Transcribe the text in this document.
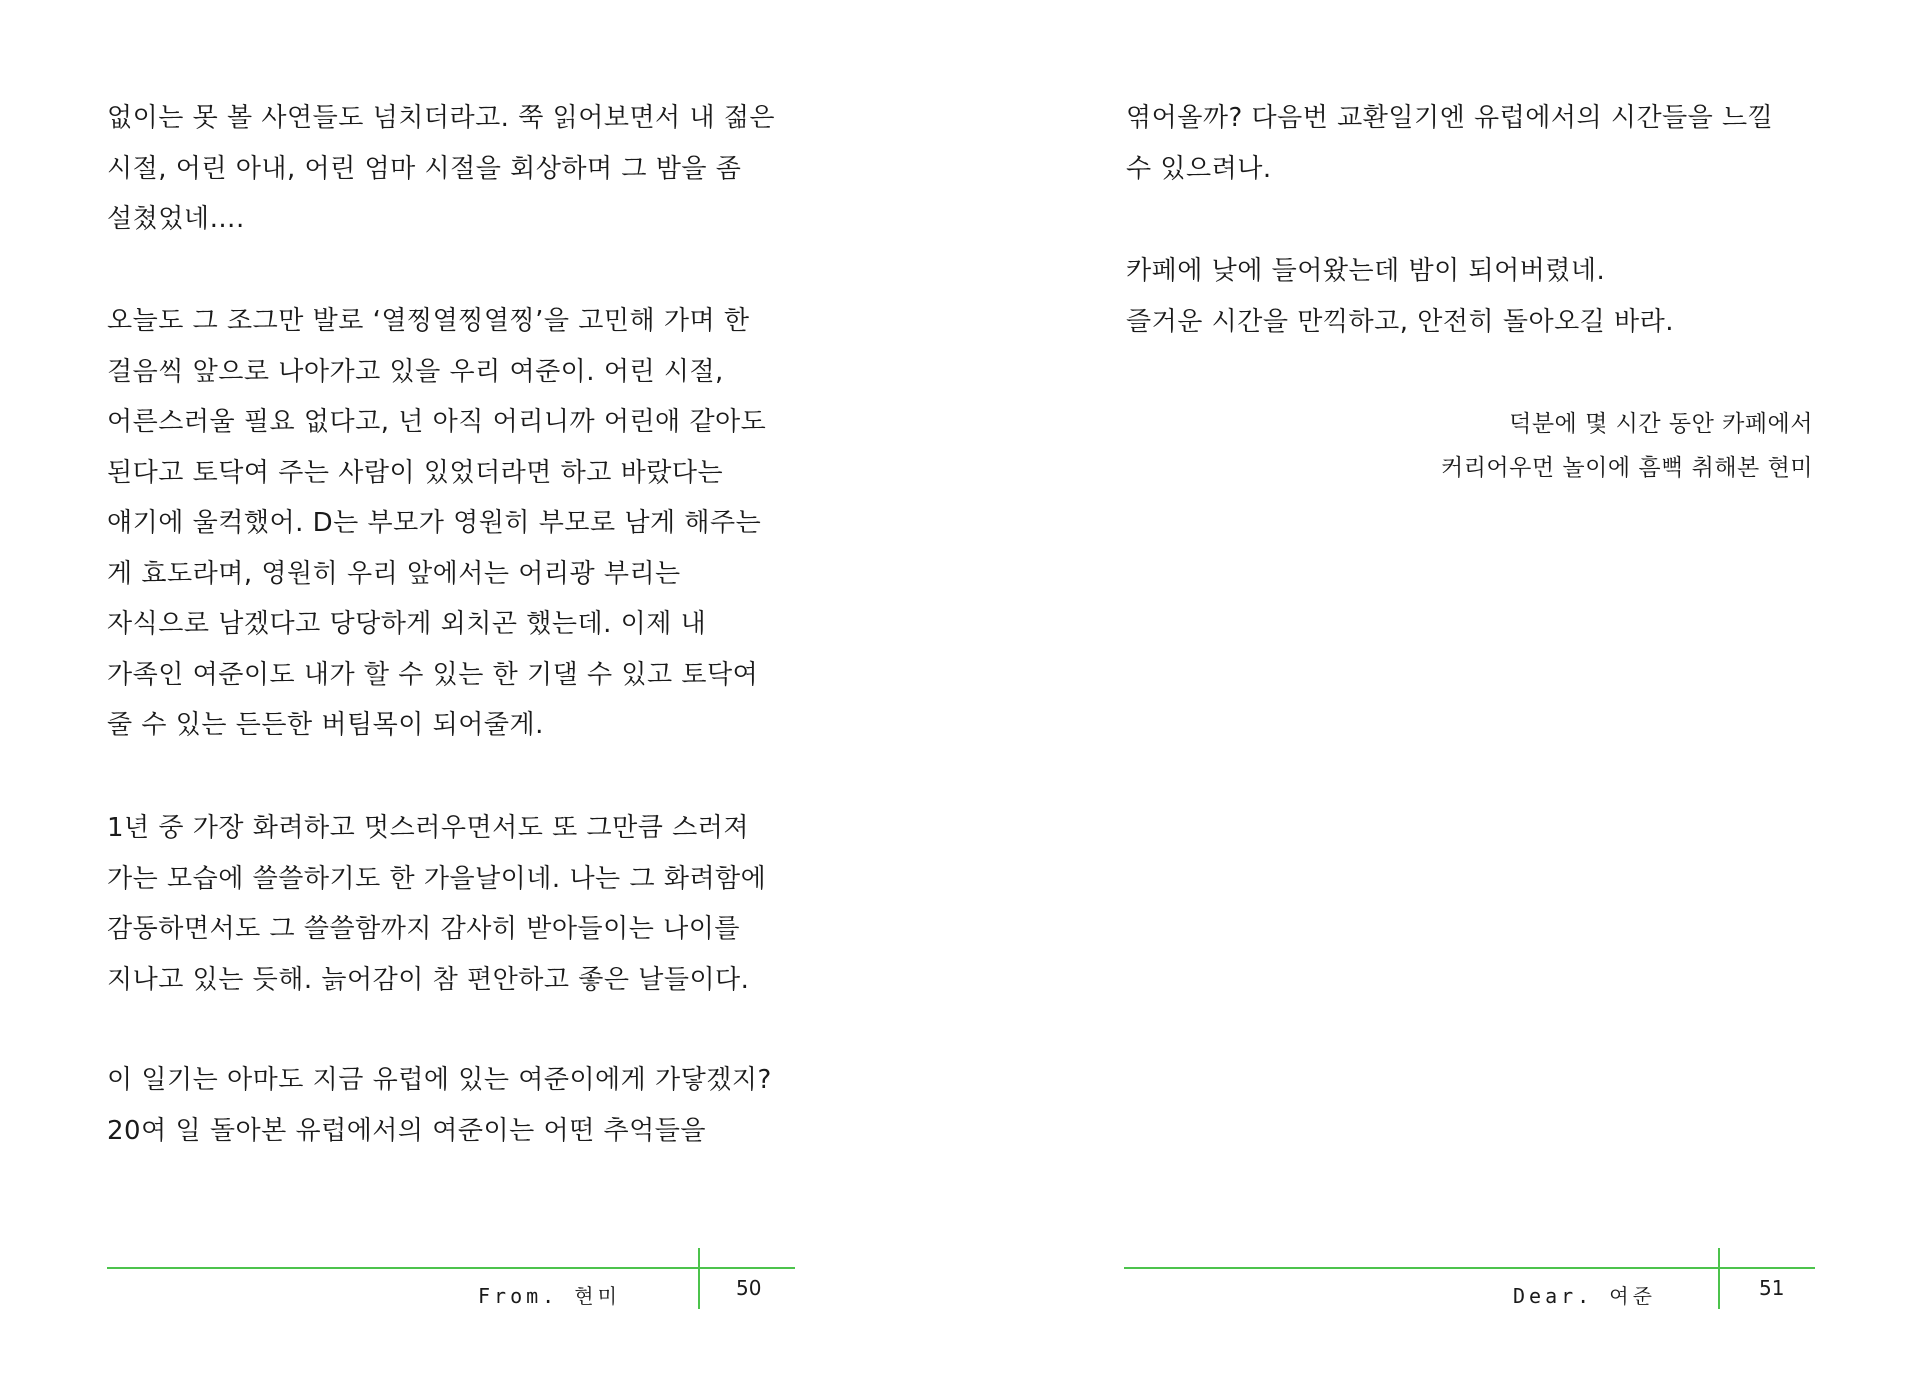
없이는 못 볼 사연들도 넘치더라고. 쭉 읽어보면서 내 젊은
시절, 어린 아내, 어린 엄마 시절을 회상하며 그 밤을 좀
설쳤었네….
오늘도 그 조그만 발로 ‘열찡열찡열찡’을 고민해 가며 한
걸음씩 앞으로 나아가고 있을 우리 여준이. 어린 시절,
어른스러울 필요 없다고, 넌 아직 어리니까 어린애 같아도
된다고 토닥여 주는 사람이 있었더라면 하고 바랐다는
얘기에 울컥했어. D는 부모가 영원히 부모로 남게 해주는
게 효도라며, 영원히 우리 앞에서는 어리광 부리는
자식으로 남겠다고 당당하게 외치곤 했는데. 이제 내
가족인 여준이도 내가 할 수 있는 한 기댈 수 있고 토닥여
줄 수 있는 든든한 버팀목이 되어줄게.
1년 중 가장 화려하고 멋스러우면서도 또 그만큼 스러져
가는 모습에 쓸쓸하기도 한 가을날이네. 나는 그 화려함에
감동하면서도 그 쓸쓸함까지 감사히 받아들이는 나이를
지나고 있는 듯해. 늙어감이 참 편안하고 좋은 날들이다.
이 일기는 아마도 지금 유럽에 있는 여준이에게 가닿겠지?
20여 일 돌아본 유럽에서의 여준이는 어떤 추억들을
From. 현미	50
엮어올까? 다음번 교환일기엔 유럽에서의 시간들을 느낄
수 있으려나.
카페에 낮에 들어왔는데 밤이 되어버렸네.
즐거운 시간을 만끽하고, 안전히 돌아오길 바라.
덕분에 몇 시간 동안 카페에서
커리어우먼 놀이에 흠뻑 취해본 현미
Dear. 여준	51
